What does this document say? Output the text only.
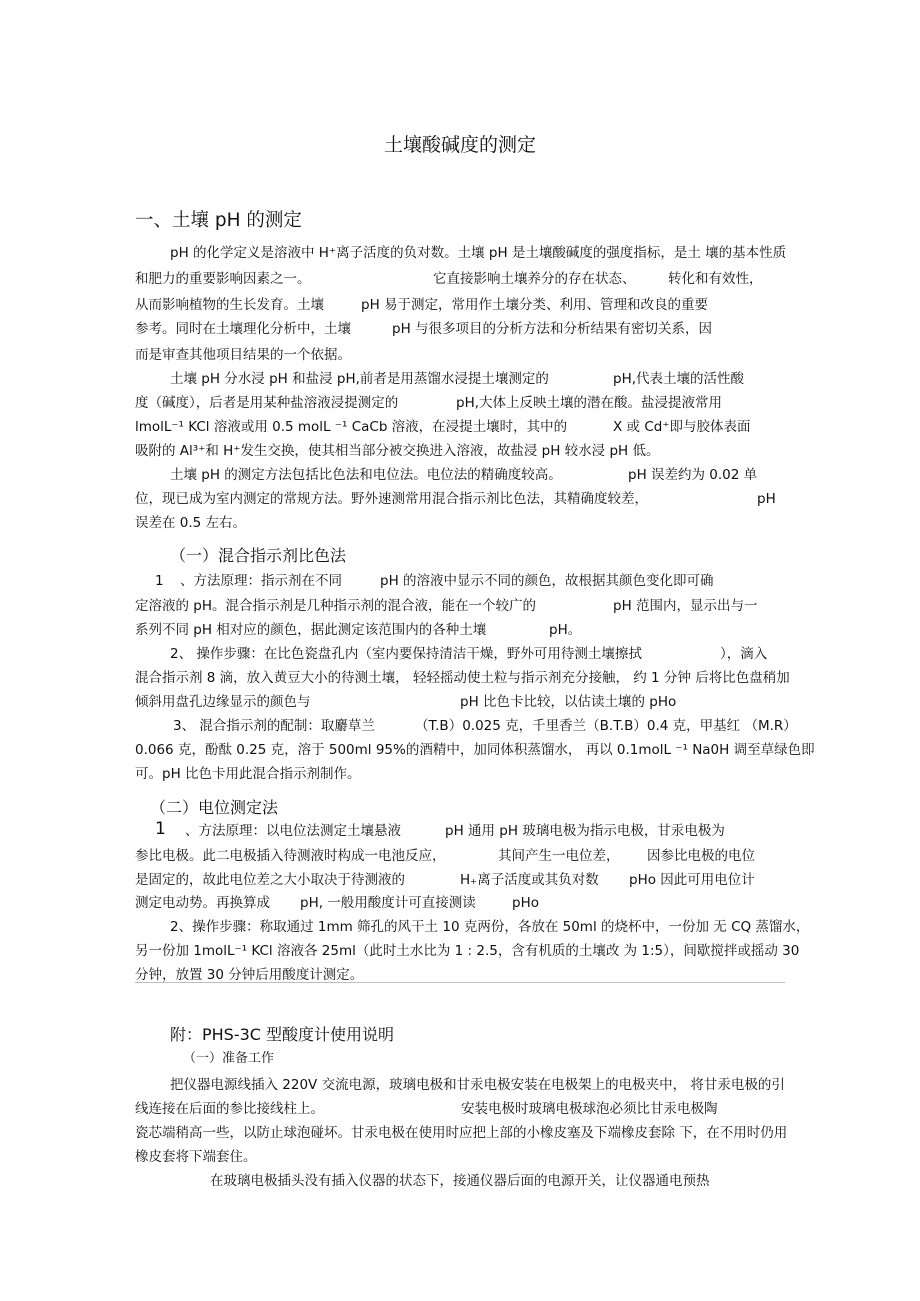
土壤酸碱度的测定
一、土壤 pH 的测定
pH 的化学定义是溶液中 H⁺离子活度的负对数。土壤 pH 是土壤酸碱度的强度指标，是土 壤的基本性质
和肥力的重要影响因素之一。	它直接影响土壤养分的存在状态、 转化和有效性，
从而影响植物的生长发育。土壤	pH 易于测定，常用作土壤分类、利用、管理和改良的重要
参考。同时在土壤理化分析中，土壤	pH 与很多项目的分析方法和分析结果有密切关系，因
而是审查其他项目结果的一个依据。
土壤 pH 分水浸 pH 和盐浸 pH,前者是用蒸馏水浸提土壤测定的	pH,代表土壤的活性酸
度（碱度），后者是用某种盐溶液浸提测定的	pH,大体上反映土壤的潜在酸。盐浸提液常用
lmolL⁻¹ KCl 溶液或用 0.5 molL ⁻¹ CaCb 溶液，在浸提土壤时，其中的	X 或 Cd⁺即与胶体表面
吸附的 Al³⁺和 H⁺发生交换，使其相当部分被交换进入溶液，故盐浸 pH 较水浸 pH 低。
土壤 pH 的测定方法包括比色法和电位法。电位法的精确度较高。	pH 误差约为 0.02 单
位，现已成为室内测定的常规方法。野外速测常用混合指示剂比色法，其精确度较差，	pH
误差在 0.5 左右。
（一）混合指示剂比色法
1 、方法原理：指示剂在不同	pH 的溶液中显示不同的颜色，故根据其颜色变化即可确
定溶液的 pH。混合指示剂是几种指示剂的混合液，能在一个较广的	pH 范围内，显示出与一
系列不同 pH 相对应的颜色，据此测定该范围内的各种土壤	pH。
2、 操作步骤：在比色瓷盘孔内（室内要保持清洁干燥，野外可用待测土壤擦拭	），滴入
混合指示剂 8 滴，放入黄豆大小的待测土壤， 轻轻摇动使土粒与指示剂充分接触， 约 1 分钟 后将比色盘稍加
倾斜用盘孔边缘显示的颜色与	pH 比色卡比较，以估读土壤的 pHo
3、 混合指示剂的配制：取麝草兰	（T.B）0.025 克，千里香兰（B.T.B）0.4 克，甲基红 （M.R）
0.066 克，酚酞 0.25 克，溶于 500ml 95%的酒精中，加同体积蒸馏水， 再以 0.1molL ⁻¹ Na0H 调至草绿色即
可。pH 比色卡用此混合指示剂制作。
（二）电位测定法
1 、方法原理：以电位法测定土壤悬液	pH 通用 pH 玻璃电极为指示电极，甘汞电极为
参比电极。此二电极插入待测液时构成一电池反应，	其间产生一电位差， 因参比电极的电位
是固定的，故此电位差之大小取决于待测液的	H₊离子活度或其负对数 pHo 因此可用电位计
测定电动势。再换算成 pH, 一般用酸度计可直接测读	pHo
2、操作步骤：称取通过 1mm 筛孔的风干土 10 克两份，各放在 50ml 的烧杯中，一份加 无 CQ 蒸馏水，
另一份加 1molL⁻¹ KCl 溶液各 25ml（此时土水比为 1 : 2.5，含有机质的土壤改 为 1:5），间歇搅拌或摇动 30
分钟，放置 30 分钟后用酸度计测定。
附：PHS-3C 型酸度计使用说明
（一）准备工作
把仪器电源线插入 220V 交流电源，玻璃电极和甘汞电极安装在电极架上的电极夹中， 将甘汞电极的引
线连接在后面的参比接线柱上。	安装电极时玻璃电极球泡必须比甘汞电极陶
瓷芯端稍高一些，以防止球泡碰坏。甘汞电极在使用时应把上部的小橡皮塞及下端橡皮套除 下，在不用时仍用
橡皮套将下端套住。
在玻璃电极插头没有插入仪器的状态下，接通仪器后面的电源开关，让仪器通电预热
